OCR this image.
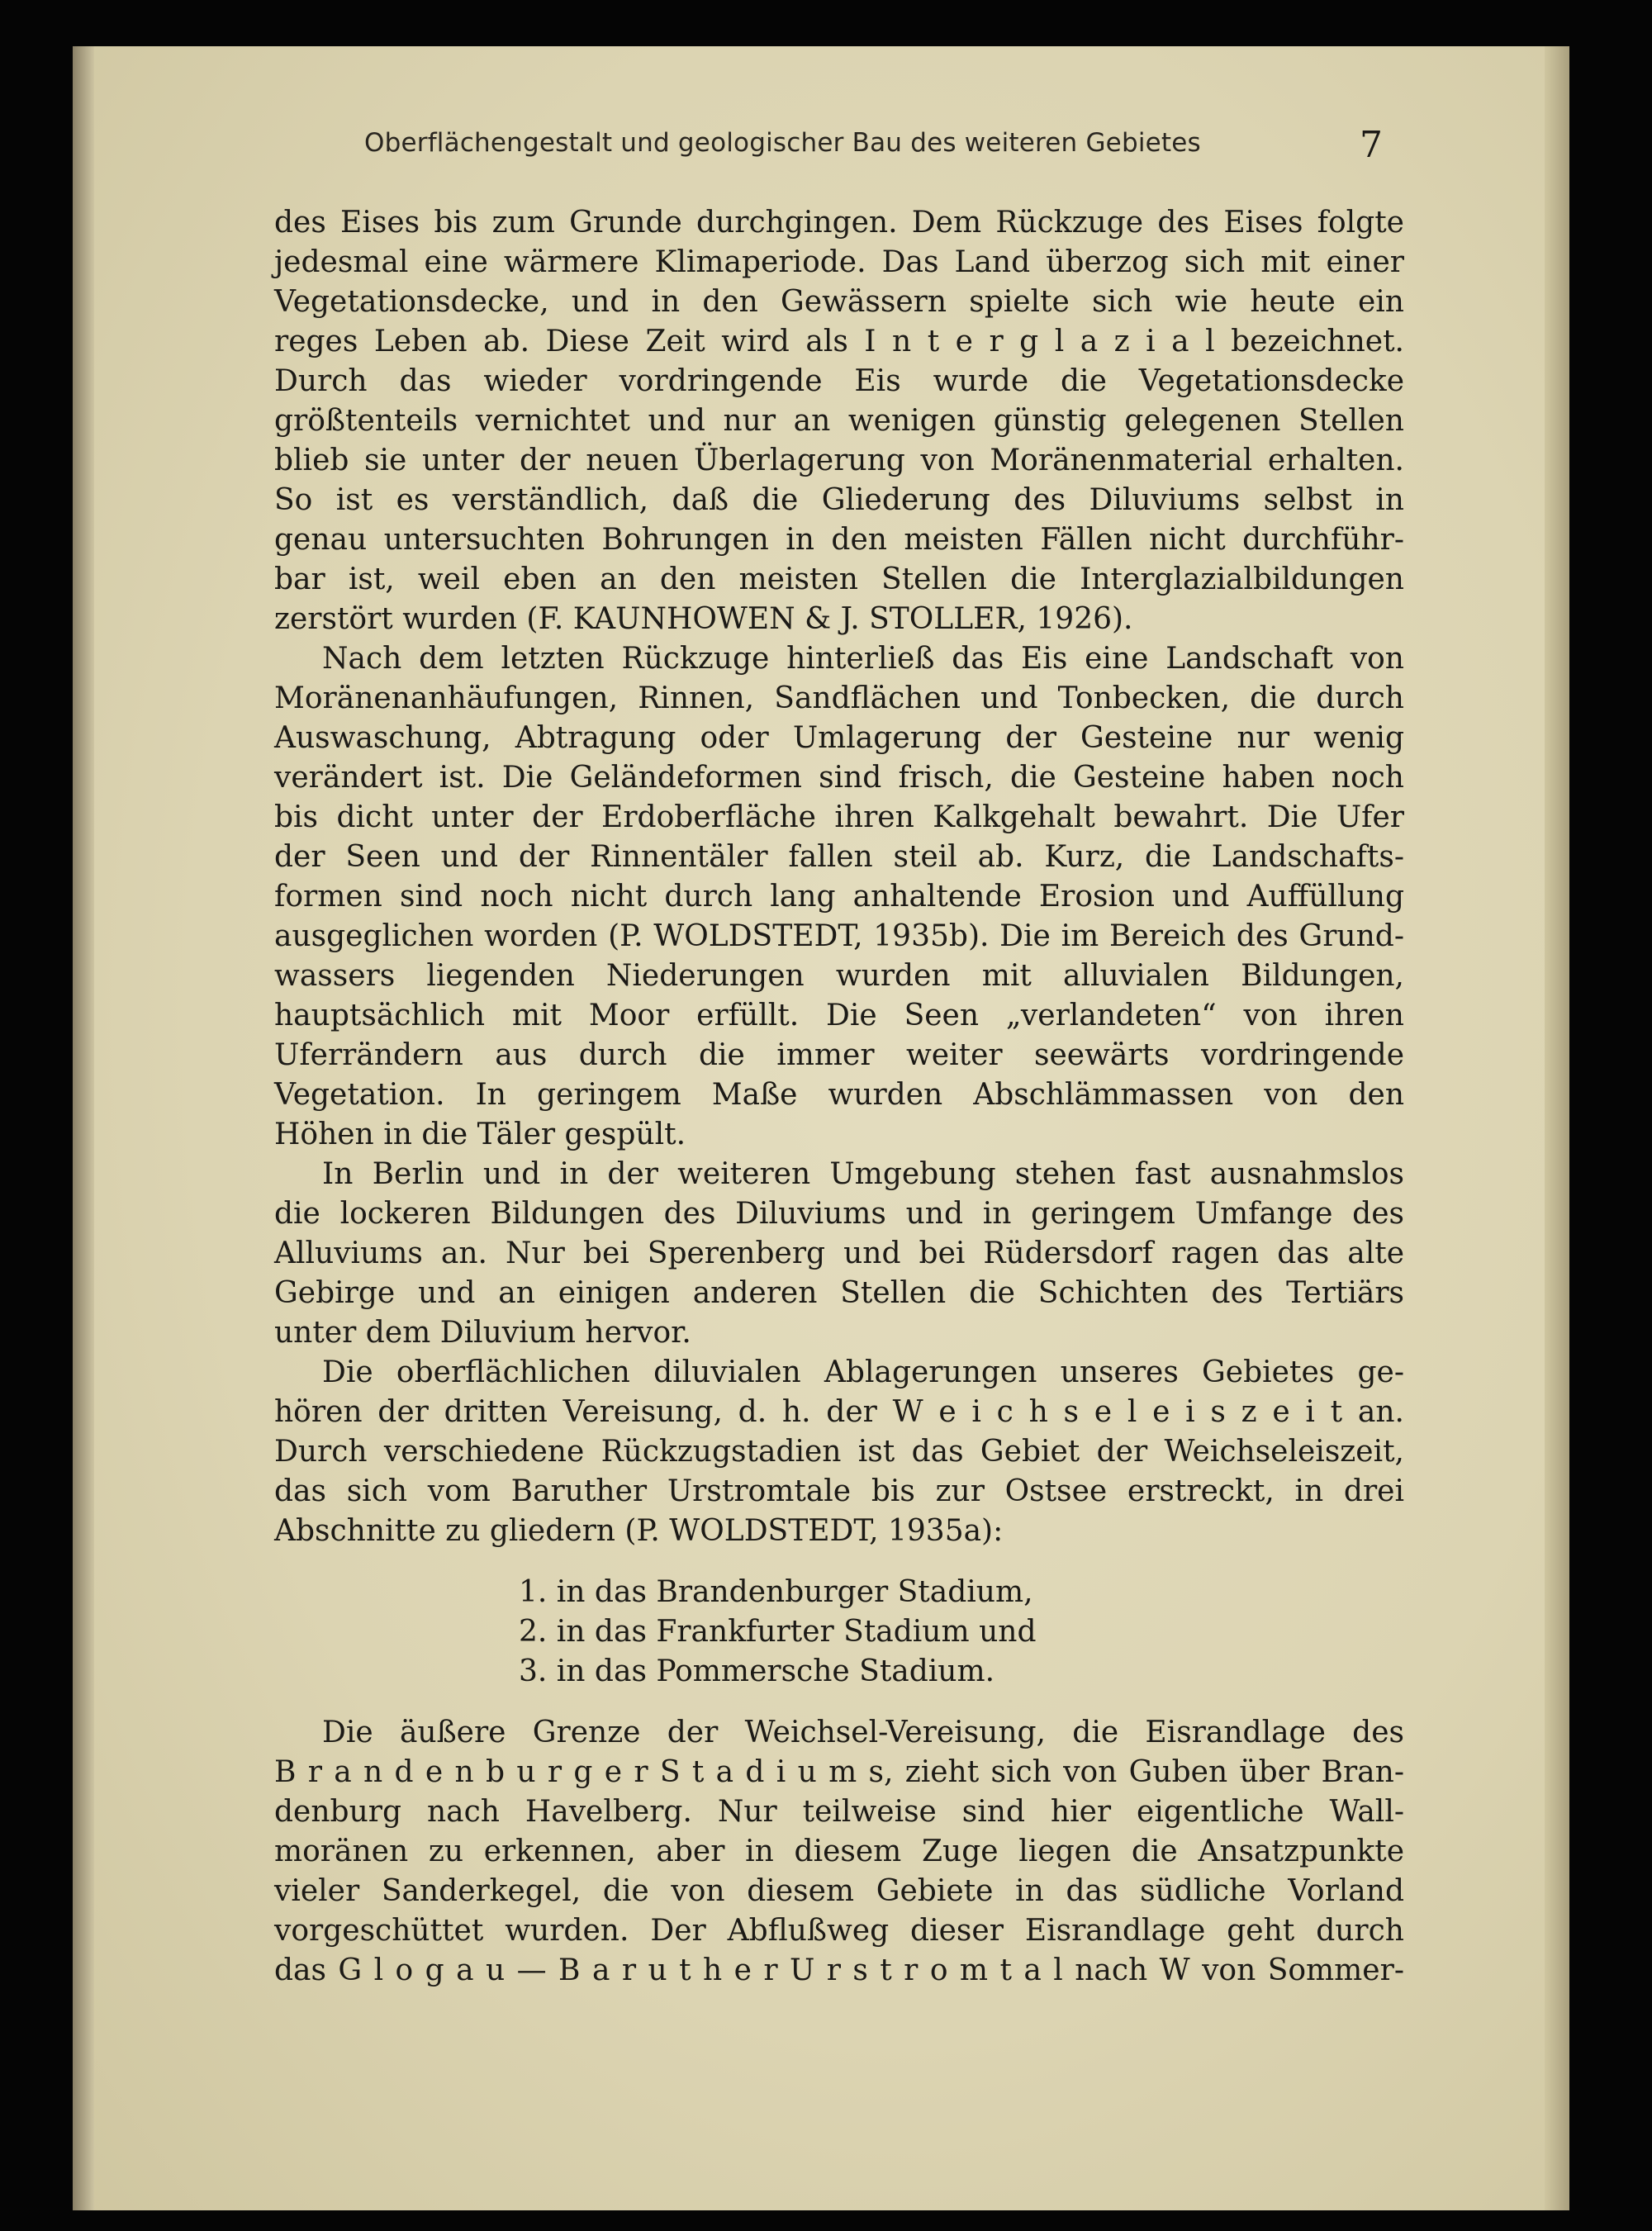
Oberflächengestalt und geologischer Bau des weiteren Gebietes	7
des Eises bis zum Grunde durchgingen. Dem Rückzuge des Eises folgte
jedesmal eine wärmere Klimaperiode. Das Land überzog sich mit einer
Vegetationsdecke, und in den Gewässern spielte sich wie heute ein
reges Leben ab. Diese Zeit wird als I n t e r g l a z i a l bezeichnet.
Durch das wieder vordringende Eis wurde die Vegetationsdecke
größtenteils vernichtet und nur an wenigen günstig gelegenen Stellen
blieb sie unter der neuen Überlagerung von Moränenmaterial erhalten.
So ist es verständlich, daß die Gliederung des Diluviums selbst in
genau untersuchten Bohrungen in den meisten Fällen nicht durchführ-
bar ist, weil eben an den meisten Stellen die Interglazialbildungen
zerstört wurden (F. KAUNHOWEN & J. STOLLER, 1926).
Nach dem letzten Rückzuge hinterließ das Eis eine Landschaft von
Moränenanhäufungen, Rinnen, Sandflächen und Tonbecken, die durch
Auswaschung, Abtragung oder Umlagerung der Gesteine nur wenig
verändert ist. Die Geländeformen sind frisch, die Gesteine haben noch
bis dicht unter der Erdoberfläche ihren Kalkgehalt bewahrt. Die Ufer
der Seen und der Rinnentäler fallen steil ab. Kurz, die Landschafts-
formen sind noch nicht durch lang anhaltende Erosion und Auffüllung
ausgeglichen worden (P. WOLDSTEDT, 1935b). Die im Bereich des Grund-
wassers liegenden Niederungen wurden mit alluvialen Bildungen,
hauptsächlich mit Moor erfüllt. Die Seen „verlandeten“ von ihren
Uferrändern aus durch die immer weiter seewärts vordringende
Vegetation. In geringem Maße wurden Abschlämmassen von den
Höhen in die Täler gespült.
In Berlin und in der weiteren Umgebung stehen fast ausnahmslos
die lockeren Bildungen des Diluviums und in geringem Umfange des
Alluviums an. Nur bei Sperenberg und bei Rüdersdorf ragen das alte
Gebirge und an einigen anderen Stellen die Schichten des Tertiärs
unter dem Diluvium hervor.
Die oberflächlichen diluvialen Ablagerungen unseres Gebietes ge-
hören der dritten Vereisung, d. h. der W e i c h s e l e i s z e i t an.
Durch verschiedene Rückzugstadien ist das Gebiet der Weichseleiszeit,
das sich vom Baruther Urstromtale bis zur Ostsee erstreckt, in drei
Abschnitte zu gliedern (P. WOLDSTEDT, 1935a):
1. in das Brandenburger Stadium,
2. in das Frankfurter Stadium und
3. in das Pommersche Stadium.
Die äußere Grenze der Weichsel-Vereisung, die Eisrandlage des
B r a n d e n b u r g e r S t a d i u m s, zieht sich von Guben über Bran-
denburg nach Havelberg. Nur teilweise sind hier eigentliche Wall-
moränen zu erkennen, aber in diesem Zuge liegen die Ansatzpunkte
vieler Sanderkegel, die von diesem Gebiete in das südliche Vorland
vorgeschüttet wurden. Der Abflußweg dieser Eisrandlage geht durch
das G l o g a u — B a r u t h e r U r s t r o m t a l nach W von Sommer-
